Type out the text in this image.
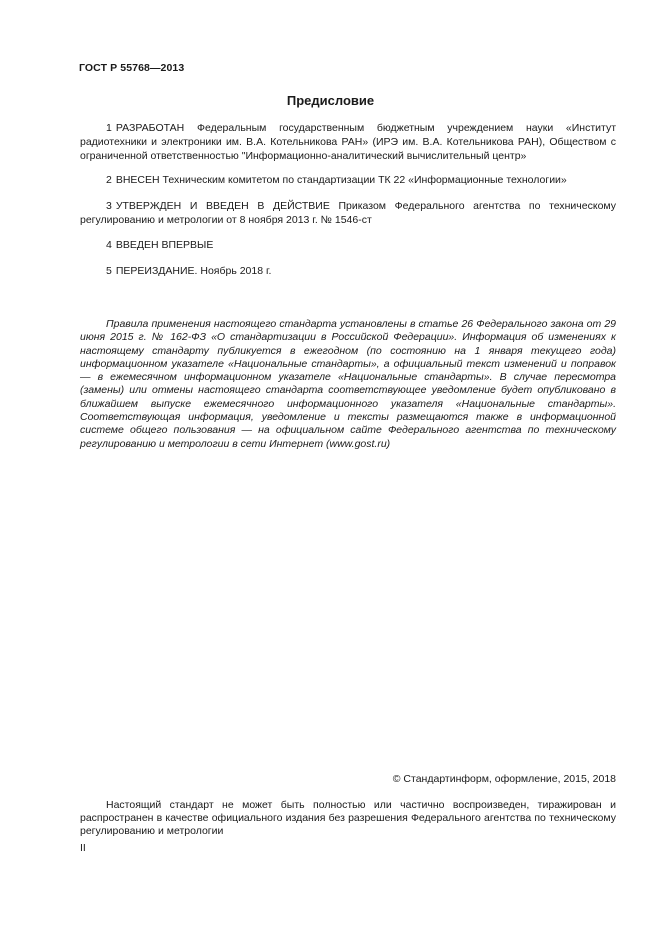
ГОСТ Р 55768—2013
Предисловие
1 РАЗРАБОТАН Федеральным государственным бюджетным учреждением науки «Институт радиотехники и электроники им. В.А. Котельникова РАН» (ИРЭ им. В.А. Котельникова РАН), Обществом с ограниченной ответственностью "Информационно-аналитический вычислительный центр»
2 ВНЕСЕН Техническим комитетом по стандартизации ТК 22 «Информационные технологии»
3 УТВЕРЖДЕН И ВВЕДЕН В ДЕЙСТВИЕ Приказом Федерального агентства по техническому регулированию и метрологии от 8 ноября 2013 г. № 1546-ст
4 ВВЕДЕН ВПЕРВЫЕ
5 ПЕРЕИЗДАНИЕ. Ноябрь 2018 г.
Правила применения настоящего стандарта установлены в статье 26 Федерального закона от 29 июня 2015 г. № 162-ФЗ «О стандартизации в Российской Федерации». Информация об изменениях к настоящему стандарту публикуется в ежегодном (по состоянию на 1 января текущего года) информационном указателе «Национальные стандарты», а официальный текст изменений и поправок — в ежемесячном информационном указателе «Национальные стандарты». В случае пересмотра (замены) или отмены настоящего стандарта соответствующее уведомление будет опубликовано в ближайшем выпуске ежемесячного информационного указателя «Национальные стандарты». Соответствующая информация, уведомление и тексты размещаются также в информационной системе общего пользования — на официальном сайте Федерального агентства по техническому регулированию и метрологии в сети Интернет (www.gost.ru)
© Стандартинформ, оформление, 2015, 2018
Настоящий стандарт не может быть полностью или частично воспроизведен, тиражирован и распространен в качестве официального издания без разрешения Федерального агентства по техническому регулированию и метрологии
II
